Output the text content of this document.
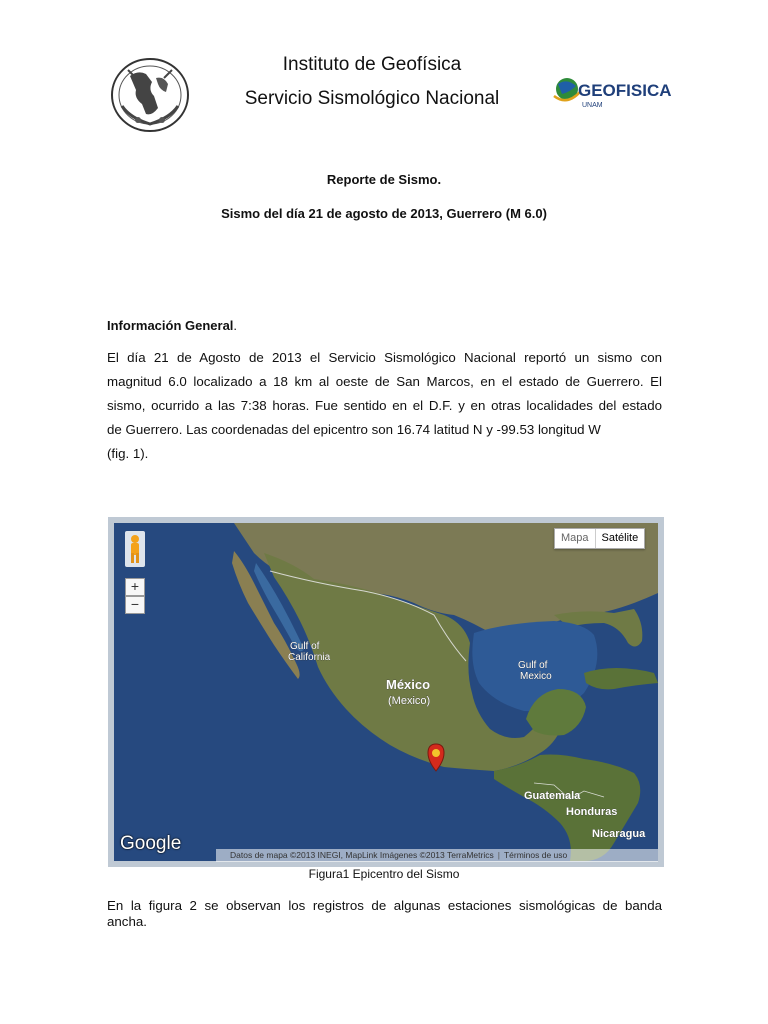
Instituto de Geofísica
Servicio Sismológico Nacional	GEOFISICA
UNAM
Reporte de Sismo.
Sismo del día 21 de agosto de 2013, Guerrero (M 6.0)
Información General.
El día 21 de Agosto de 2013 el Servicio Sismológico Nacional reportó un sismo con
magnitud 6.0 localizado a 18 km al oeste de San Marcos, en el estado de Guerrero. El
sismo, ocurrido a las 7:38 horas. Fue sentido en el D.F. y en otras localidades del estado
de Guerrero. Las coordenadas del epicentro son 16.74 latitud N y -99.53 longitud W
(fig. 1).
Gulf of
California
Gulf of
Mexico
México
(Mexico)
Guatemala
Honduras
Nicaragua
Mapa	Satélite
+
−
Google
Datos de mapa ©2013 INEGI, MapLink Imágenes ©2013 TerraMetrics | Términos de uso
Figura1 Epicentro del Sismo
En la figura 2 se observan los registros de algunas estaciones sismológicas de banda
ancha.
